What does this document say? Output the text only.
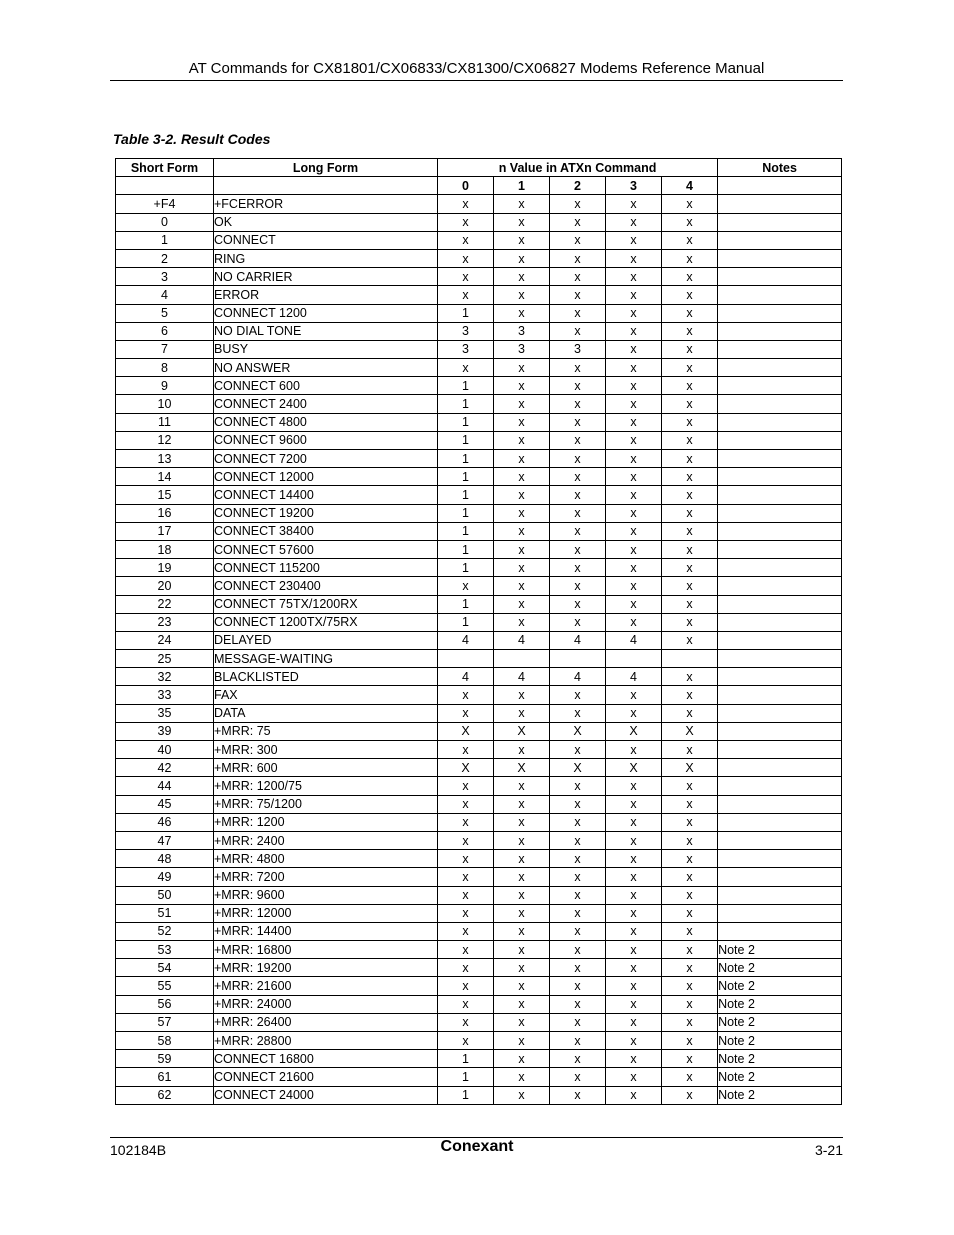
AT Commands for CX81801/CX06833/CX81300/CX06827 Modems Reference Manual
Table 3-2. Result Codes
Short Form	Long Form	n Value in ATXn Command					Notes
		0	1	2	3	4	
+F4	+FCERROR	x	x	x	x	x	
0	OK	x	x	x	x	x	
1	CONNECT	x	x	x	x	x	
2	RING	x	x	x	x	x	
3	NO CARRIER	x	x	x	x	x	
4	ERROR	x	x	x	x	x	
5	CONNECT 1200	1	x	x	x	x	
6	NO DIAL TONE	3	3	x	x	x	
7	BUSY	3	3	3	x	x	
8	NO ANSWER	x	x	x	x	x	
9	CONNECT 600	1	x	x	x	x	
10	CONNECT 2400	1	x	x	x	x	
11	CONNECT 4800	1	x	x	x	x	
12	CONNECT 9600	1	x	x	x	x	
13	CONNECT 7200	1	x	x	x	x	
14	CONNECT 12000	1	x	x	x	x	
15	CONNECT 14400	1	x	x	x	x	
16	CONNECT 19200	1	x	x	x	x	
17	CONNECT 38400	1	x	x	x	x	
18	CONNECT 57600	1	x	x	x	x	
19	CONNECT 115200	1	x	x	x	x	
20	CONNECT 230400	x	x	x	x	x	
22	CONNECT 75TX/1200RX	1	x	x	x	x	
23	CONNECT 1200TX/75RX	1	x	x	x	x	
24	DELAYED	4	4	4	4	x	
25	MESSAGE-WAITING						
32	BLACKLISTED	4	4	4	4	x	
33	FAX	x	x	x	x	x	
35	DATA	x	x	x	x	x	
39	+MRR: 75	X	X	X	X	X	
40	+MRR: 300	x	x	x	x	x	
42	+MRR: 600	X	X	X	X	X	
44	+MRR: 1200/75	x	x	x	x	x	
45	+MRR: 75/1200	x	x	x	x	x	
46	+MRR: 1200	x	x	x	x	x	
47	+MRR: 2400	x	x	x	x	x	
48	+MRR: 4800	x	x	x	x	x	
49	+MRR: 7200	x	x	x	x	x	
50	+MRR: 9600	x	x	x	x	x	
51	+MRR: 12000	x	x	x	x	x	
52	+MRR: 14400	x	x	x	x	x	
53	+MRR: 16800	x	x	x	x	x	Note 2
54	+MRR: 19200	x	x	x	x	x	Note 2
55	+MRR: 21600	x	x	x	x	x	Note 2
56	+MRR: 24000	x	x	x	x	x	Note 2
57	+MRR: 26400	x	x	x	x	x	Note 2
58	+MRR: 28800	x	x	x	x	x	Note 2
59	CONNECT 16800	1	x	x	x	x	Note 2
61	CONNECT 21600	1	x	x	x	x	Note 2
62	CONNECT 24000	1	x	x	x	x	Note 2
102184B	Conexant	3-21
